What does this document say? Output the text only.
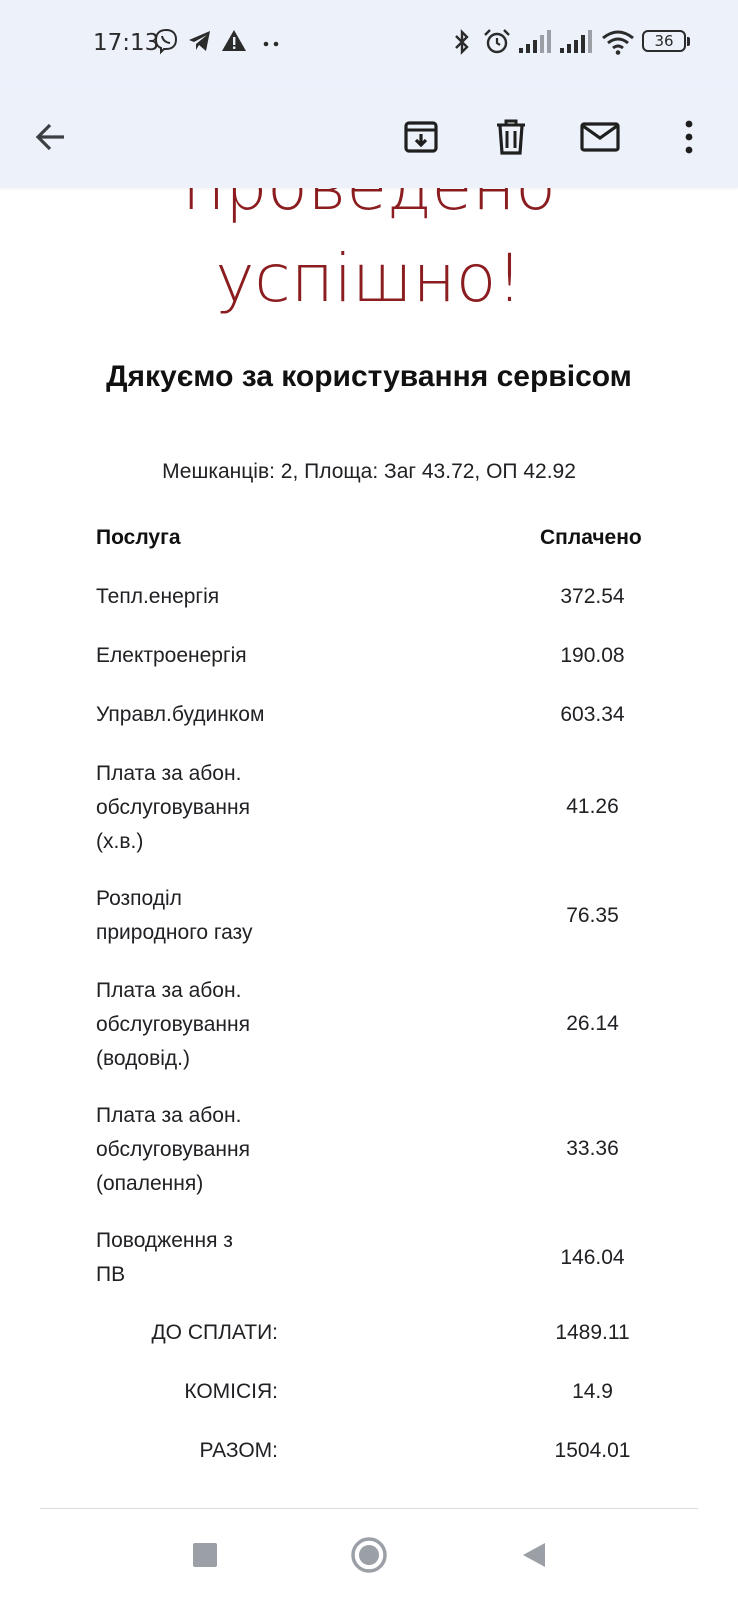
17:13	36
успішно!
Дякуємо за користування сервісом
Мешканців: 2, Площа: Заг 43.72, ОП 42.92
Послуга	Сплачено
Тепл.енергія	372.54
Електроенергія	190.08
Управл.будинком	603.34
Плата за абон. обслуговування (х.в.)
41.26
Розподіл природного газу
76.35
Плата за абон. обслуговування (водовід.)
26.14
Плата за абон. обслуговування (опалення)
33.36
Поводження з ПВ
146.04
ДО СПЛАТИ:	1489.11
КОМІСІЯ:	14.9
РАЗОМ:	1504.01
